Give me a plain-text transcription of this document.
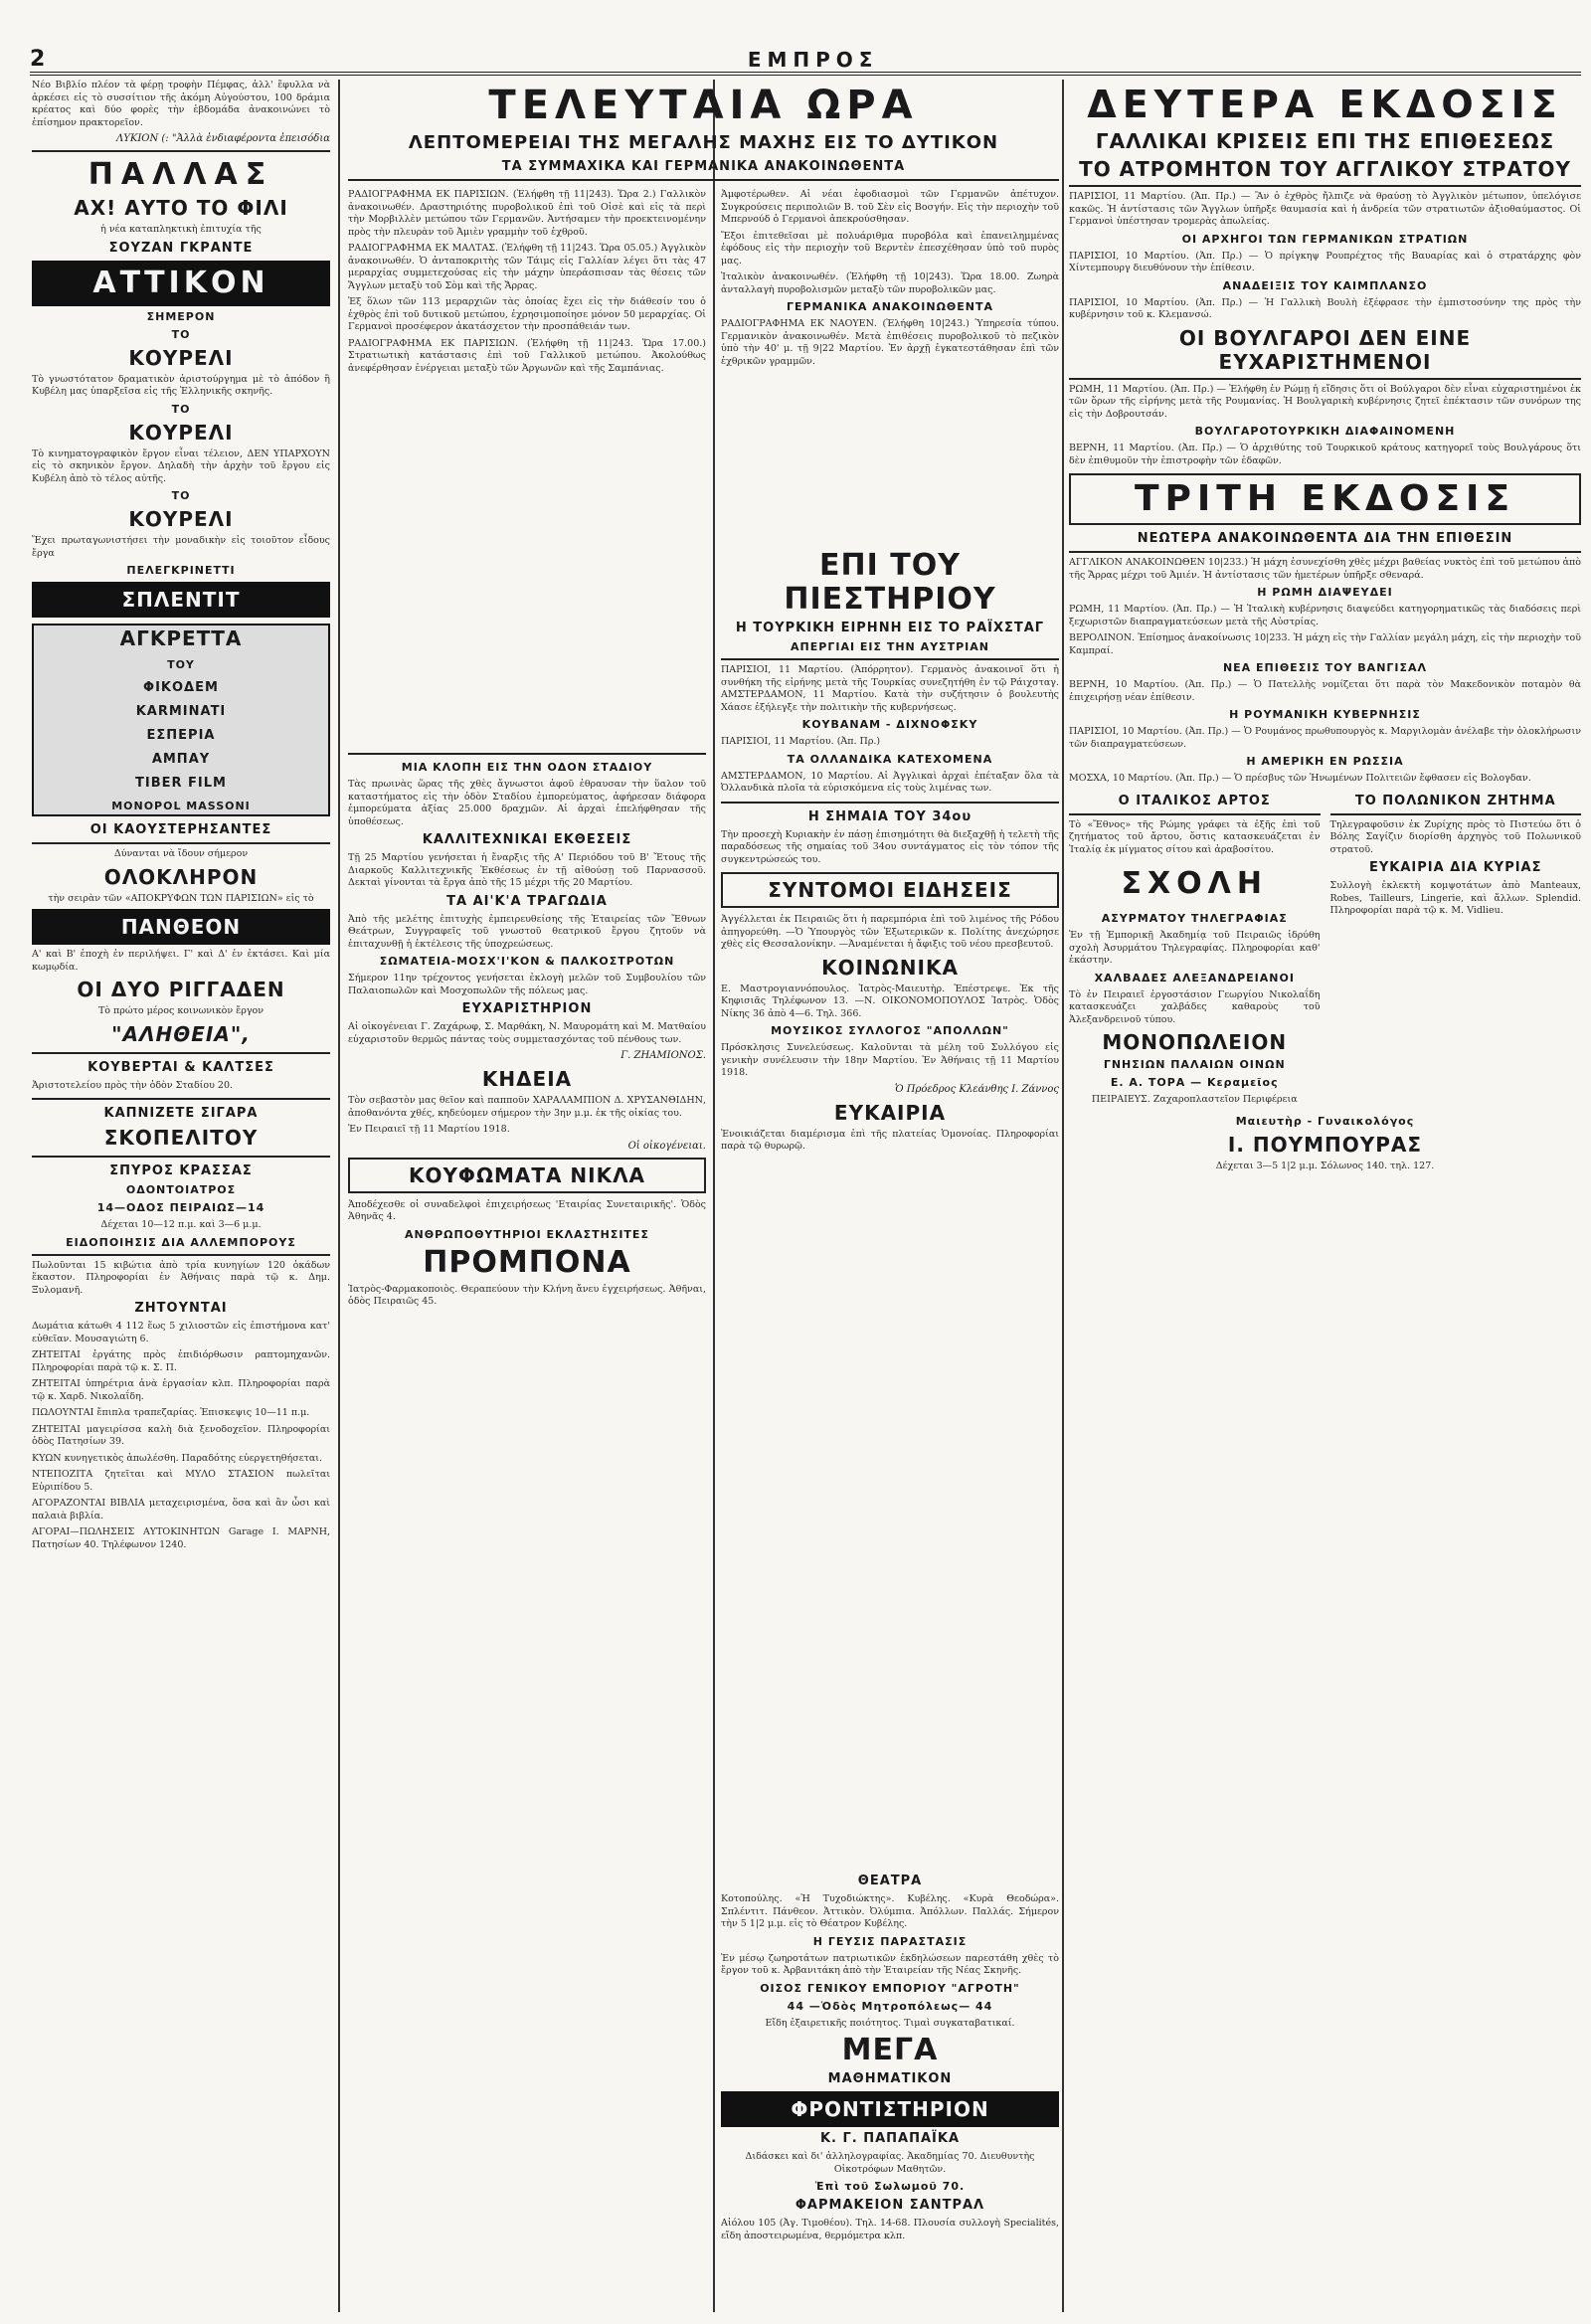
2	ΕΜΠΡΟΣ

Νέο Βιβλίο πλέον τὰ φέρῃ τροφὴν Πέμφας, ἀλλ' ἔφυλλα νὰ ἀρκέσει εἰς τὸ συσσίτιον τῆς ἀκόμη Αὐγούστου, 100 δράμια κρέατος καὶ δύο φορὲς τὴν ἑβδομάδα ἀνακοινώνει τὸ ἐπίσημον πρακτορεῖον.

ΛΥΚΙΟΝ (: "Ἀλλὰ ἐνδιαφέροντα ἐπεισόδια

ΠΑΛΛΑΣ
ΑΧ! ΑΥΤΟ ΤΟ ΦΙΛΙ

ἡ νέα καταπληκτικὴ ἐπιτυχία τῆς

ΣΟΥΖΑΝ ΓΚΡΑΝΤΕ
ΑΤΤΙΚΟΝ
ΣΗΜΕΡΟΝ
ΤΟ
ΚΟΥΡΕΛΙ

Τὸ γνωστότατον δραματικὸν ἀριστούργημα μὲ τὸ ἀπόδον ἢ Κυβέλη μας ὑπαρξεῖσα εἰς τῆς Ἑλληνικῆς σκηνῆς.

ΤΟ
ΚΟΥΡΕΛΙ

Τὸ κινηματογραφικὸν ἔργον εἶναι τέλειον, ΔΕΝ ΥΠΑΡΧΟΥΝ εἰς τὸ σκηνικὸν ἔργον. Δηλαδὴ τὴν ἀρχὴν τοῦ ἔργου εἰς Κυβέλη ἀπὸ τὸ τέλος αὐτῆς.

ΤΟ
ΚΟΥΡΕΛΙ

Ἔχει πρωταγωνιστήσει τὴν μοναδικὴν εἰς τοιοῦτον εἶδους ἔργα

ΠΕΛΕΓΚΡΙΝΕΤΤΙ
ΣΠΛΕΝΤΙΤ
ΑΓΚΡΕΤΤΑ
ΤΟΥ
ΦΙΚΟΔΕΜ
KARMINATI
ΕΣΠΕΡΙΑ
ΑΜΠΑΥ
TIBER FILM
MONOPOL MASSONI
ΟΙ ΚΑΟΥΣΤΕΡΗΣΑΝΤΕΣ

Δύνανται νὰ ἴδουν σήμερον

ΟΛΟΚΛΗΡΟΝ

τὴν σειρὰν τῶν «ΑΠΟΚΡΥΦΩΝ ΤΩΝ ΠΑΡΙΣΙΩΝ» εἰς τὸ

ΠΑΝΘΕΟΝ

Α' καὶ Β' ἐποχὴ ἐν περιλήψει. Γ' καὶ Δ' ἐν ἐκτάσει. Καὶ μία κωμῳδία.

ΟΙ ΔΥΟ ΡΙΓΓΑΔΕΝ

Τὸ πρώτο μέρος κοινωνικὸν ἔργον

"ΑΛΗΘΕΙΑ",
ΚΟΥΒΕΡΤΑΙ & ΚΑΛΤΣΕΣ

Ἀριστοτελείου πρὸς τὴν ὁδὸν Σταδίου 20.

ΚΑΠΝΙΖΕΤΕ ΣΙΓΑΡΑ
ΣΚΟΠΕΛΙΤΟΥ
ΣΠΥΡΟΣ ΚΡΑΣΣΑΣ
ΟΔΟΝΤΟΙΑΤΡΟΣ
14—ΟΔΟΣ ΠΕΙΡΑΙΩΣ—14

Δέχεται 10—12 π.μ. καὶ 3—6 μ.μ.

ΕΙΔΟΠΟΙΗΣΙΣ ΔΙΑ ΑΛΛΕΜΠΟΡΟΥΣ

Πωλοῦνται 15 κιβώτια ἀπὸ τρία κυνηγίων 120 ὀκάδων ἕκαστον. Πληροφορίαι ἐν Ἀθήναις παρὰ τῷ κ. Δημ. Ξυλομανῆ.

ΖΗΤΟΥΝΤΑΙ

Δωμάτια κάτωθι 4 112 ἕως 5 χιλιοστῶν εἰς ἐπιστήμονα κατ' εὐθεῖαν. Μουσαγιώτη 6.

ΖΗΤΕΙΤΑΙ ἐργάτης πρὸς ἐπιδιόρθωσιν ραπτομηχανῶν. Πληροφορίαι παρὰ τῷ κ. Σ. Π.

ΖΗΤΕΙΤΑΙ ὑπηρέτρια ἀνὰ ἐργασίαν κλπ. Πληροφορίαι παρὰ τῷ κ. Χαρδ. Νικολαΐδη.

ΠΩΛΟΥΝΤΑΙ ἔπιπλα τραπεζαρίας. Ἐπισκεψις 10—11 π.μ.

ΖΗΤΕΙΤΑΙ μαγειρίσσα καλὴ διὰ ξενοδοχεῖον. Πληροφορίαι ὁδὸς Πατησίων 39.

ΚΥΩΝ κυνηγετικὸς ἀπωλέσθη. Παραδότης εὐεργετηθήσεται.

ΝΤΕΠΟΖΙΤΑ ζητεῖται καὶ ΜΥΛΟ ΣΤΑΣΙΟΝ πωλεῖται Εὐριπίδου 5.

ΑΓΟΡΑΖΟΝΤΑΙ ΒΙΒΛΙΑ μεταχειρισμένα, ὅσα καὶ ἂν ὦσι καὶ παλαιὰ βιβλία.

ΑΓΟΡΑΙ—ΠΩΛΗΣΕΙΣ ΑΥΤΟΚΙΝΗΤΩΝ Garage Ι. ΜΑΡΝΗ, Πατησίων 40. Τηλέφωνον 1240.

ΤΕΛΕΥΤΑΙΑ ΩΡΑ
ΛΕΠΤΟΜΕΡΕΙΑΙ ΤΗΣ ΜΕΓΑΛΗΣ ΜΑΧΗΣ ΕΙΣ ΤΟ ΔΥΤΙΚΟΝ
ΤΑ ΣΥΜΜΑΧΙΚΑ ΚΑΙ ΓΕΡΜΑΝΙΚΑ ΑΝΑΚΟΙΝΩΘΕΝΤΑ

ΡΑΔΙΟΓΡΑΦΗΜΑ ΕΚ ΠΑΡΙΣΙΩΝ. (Ἐλήφθη τῇ 11|243). Ὥρα 2.) Γαλλικὸν ἀνακοινωθέν. Δραστηριότης πυροβολικοῦ ἐπὶ τοῦ Οἰσὲ καὶ εἰς τὰ περὶ τὴν Μορβιλλὲν μετώπου τῶν Γερμανῶν. Ἀντήσαμεν τὴν προεκτεινομένην πρὸς τὴν πλευρὰν τοῦ Ἀμιὲν γραμμὴν τοῦ ἐχθροῦ.

ΡΑΔΙΟΓΡΑΦΗΜΑ ΕΚ ΜΑΛΤΑΣ. (Ἐλήφθη τῇ 11|243. Ὥρα 05.05.) Ἀγγλικὸν ἀνακοινωθέν. Ὁ ἀνταποκριτὴς τῶν Τάιμς εἰς Γαλλίαν λέγει ὅτι τὰς 47 μεραρχίας συμμετεχούσας εἰς τὴν μάχην ὑπεράσπισαν τὰς θέσεις τῶν Ἄγγλων μεταξὺ τοῦ Σὸμ καὶ τῆς Ἄρρας.

Ἐξ ὅλων τῶν 113 μεραρχιῶν τὰς ὁποίας ἔχει εἰς τὴν διάθεσίν του ὁ ἐχθρὸς ἐπὶ τοῦ δυτικοῦ μετώπου, ἐχρησιμοποίησε μόνον 50 μεραρχίας. Οἱ Γερμανοὶ προσέφερον ἀκατάσχετον τὴν προσπάθειάν των.

ΡΑΔΙΟΓΡΑΦΗΜΑ ΕΚ ΠΑΡΙΣΙΩΝ. (Ἐλήφθη τῇ 11|243. Ὥρα 17.00.) Στρατιωτικὴ κατάστασις ἐπὶ τοῦ Γαλλικοῦ μετώπου. Ἀκολούθως ἀνεφέρθησαν ἐνέργειαι μεταξὺ τῶν Ἀργωνῶν καὶ τῆς Σαμπάνιας.

ΜΙΑ ΚΛΟΠΗ ΕΙΣ ΤΗΝ ΟΔΟΝ ΣΤΑΔΙΟΥ

Τὰς πρωινὰς ὥρας τῆς χθὲς ἄγνωστοι ἀφοῦ ἐθραυσαν τὴν ὕαλον τοῦ καταστήματος εἰς τὴν ὁδὸν Σταδίου ἐμπορεύματος, ἀφήρεσαν διάφορα ἐμπορεύματα ἀξίας 25.000 δραχμῶν. Αἱ ἀρχαὶ ἐπελήφθησαν τῆς ὑποθέσεως.

ΚΑΛΛΙΤΕΧΝΙΚΑΙ ΕΚΘΕΣΕΙΣ

Τῇ 25 Μαρτίου γενήσεται ἡ ἔναρξις τῆς Α' Περιόδου τοῦ Β' Ἔτους τῆς Διαρκοῦς Καλλιτεχνικῆς Ἐκθέσεως ἐν τῇ αἰθούσῃ τοῦ Παρνασσοῦ. Δεκταὶ γίνονται τὰ ἔργα ἀπὸ τῆς 15 μέχρι τῆς 20 Μαρτίου.

ΤΑ ΑΙ'Κ'Α ΤΡΑΓΩΔΙΑ

Ἀπὸ τῆς μελέτης ἐπιτυχὴς ἐμπειρευθείσης τῆς Ἑταιρείας τῶν Ἔθνων Θεάτρων, Συγγραφεῖς τοῦ γνωστοῦ θεατρικοῦ ἔργου ζητοῦν νὰ ἐπιταχυνθῇ ἡ ἐκτέλεσις τῆς ὑποχρεώσεως.

ΣΩΜΑΤΕΙΑ-ΜΟΣΧ'Ι'ΚΟΝ & ΠΑΛΚΟΣΤΡΟΤΩΝ

Σήμερον 11ην τρέχοντος γενήσεται ἐκλογὴ μελῶν τοῦ Συμβουλίου τῶν Παλαιοπωλῶν καὶ Μοσχοπωλῶν τῆς πόλεως μας.

ΕΥΧΑΡΙΣΤΗΡΙΟΝ

Αἱ οἰκογένειαι Γ. Ζαχάρωφ, Σ. Μαρθάκη, Ν. Μαυρομάτη καὶ Μ. Ματθαίου εὐχαριστοῦν θερμῶς πάντας τοὺς συμμετασχόντας τοῦ πένθους των.

Γ. ΖΗΑΜΙΟΝΟΣ.

ΚΗΔΕΙΑ

Τὸν σεβαστὸν μας θεῖον καὶ παπποῦν ΧΑΡΑΛΑΜΠΙΟΝ Δ. ΧΡΥΣΑΝΘΙΔΗΝ, ἀποθανόντα χθές, κηδεύομεν σήμερον τὴν 3ην μ.μ. ἐκ τῆς οἰκίας του.

Ἐν Πειραιεῖ τῇ 11 Μαρτίου 1918.

Οἱ οἰκογένειαι.

ΚΟΥΦΩΜΑΤΑ ΝΙΚΛΑ

Ἀποδέχεσθε οἱ συναδελφοὶ ἐπιχειρήσεως 'Εταιρίας Συνεταιρικῆς'. Ὁδὸς Ἀθηνᾶς 4.

ΑΝΘΡΩΠΟΘΥΤΗΡΙΟΙ ΕΚΛΑΣΤΗΣΙΤΕΣ
ΠΡΟΜΠΟΝΑ

Ἰατρὸς-Φαρμακοποιὸς. Θεραπεύουν τὴν Κλήνη ἄνευ ἐγχειρήσεως. Ἀθῆναι, ὁδὸς Πειραιῶς 45.

Ἀμφοτέρωθεν. Αἱ νέαι ἐφοδιασμοὶ τῶν Γερμανῶν ἀπέτυχον. Συγκρούσεις περιπολιῶν Β. τοῦ Σὲν εἰς Βοσγήν. Εἰς τὴν περιοχὴν τοῦ Μπερνούδ ὁ Γερμανοὶ ἀπεκρούσθησαν.

Ἔξοι ἐπιτεθεῖσαι μὲ πολυάριθμα πυροβόλα καὶ ἐπανειλημμένας ἐφόδους εἰς τὴν περιοχὴν τοῦ Βερντὲν ἐπεσχέθησαν ὑπὸ τοῦ πυρὸς μας.

Ἰταλικὸν ἀνακοινωθέν. (Ἐλήφθη τῇ 10|243). Ὥρα 18.00. Ζωηρὰ ἀνταλλαγὴ πυροβολισμῶν μεταξὺ τῶν πυροβολικῶν μας.

ΓΕΡΜΑΝΙΚΑ ΑΝΑΚΟΙΝΩΘΕΝΤΑ

ΡΑΔΙΟΓΡΑΦΗΜΑ ΕΚ ΝΑΟΥΕΝ. (Ἐλήφθη 10|243.) Ὑπηρεσία τύπου. Γερμανικὸν ἀνακοινωθέν. Μετὰ ἐπιθέσεις πυροβολικοῦ τὸ πεζικὸν ὑπὸ τὴν 40' μ. τῇ 9|22 Μαρτίου. Ἐν ἀρχῇ ἐγκατεστάθησαν ἐπὶ τῶν ἐχθρικῶν γραμμῶν.

ΕΠΙ ΤΟΥ ΠΙΕΣΤΗΡΙΟΥ
Η ΤΟΥΡΚΙΚΗ ΕΙΡΗΝΗ ΕΙΣ ΤΟ ΡΑΪΧΣΤΑΓ
ΑΠΕΡΓΙΑΙ ΕΙΣ ΤΗΝ ΑΥΣΤΡΙΑΝ

ΠΑΡΙΣΙΟΙ, 11 Μαρτίου. (Ἀπόρρητον). Γερμανὸς ἀνακοινοῖ ὅτι ἡ συνθήκη τῆς εἰρήνης μετὰ τῆς Τουρκίας συνεζητήθη ἐν τῷ Ράιχσταγ. ΑΜΣΤΕΡΔΑΜΟΝ, 11 Μαρτίου. Κατὰ τὴν συζήτησιν ὁ βουλευτὴς Χάασε ἐξήλεγξε τὴν πολιτικὴν τῆς κυβερνήσεως.

ΚΟΥΒΑΝΑΜ - ΔΙΧΝΟΦΣΚΥ

ΠΑΡΙΣΙΟΙ, 11 Μαρτίου. (Ἀπ. Πρ.)

ΤΑ ΟΛΛΑΝΔΙΚΑ ΚΑΤΕΧΟΜΕΝΑ

ΑΜΣΤΕΡΔΑΜΟΝ, 10 Μαρτίου. Αἱ Ἀγγλικαὶ ἀρχαὶ ἐπέταξαν ὅλα τὰ Ὀλλανδικὰ πλοῖα τὰ εὑρισκόμενα εἰς τοὺς λιμένας των.

Η ΣΗΜΑΙΑ ΤΟΥ 34ου

Τὴν προσεχὴ Κυριακὴν ἐν πάσῃ ἐπισημότητι θὰ διεξαχθῇ ἡ τελετὴ τῆς παραδόσεως τῆς σημαίας τοῦ 34ου συντάγματος εἰς τὸν τόπον τῆς συγκεντρώσεώς του.

ΣΥΝΤΟΜΟΙ ΕΙΔΗΣΕΙΣ

Ἀγγέλλεται ἐκ Πειραιῶς ὅτι ἡ παρεμπόρια ἐπὶ τοῦ λιμένος τῆς Ρόδου ἀπηγορεύθη. —Ὁ Ὑπουργὸς τῶν Ἐξωτερικῶν κ. Πολίτης ἀνεχώρησε χθὲς εἰς Θεσσαλονίκην. —Ἀναμένεται ἡ ἄφιξις τοῦ νέου πρεσβευτοῦ.

ΚΟΙΝΩΝΙΚΑ

Ε. Μαστρογιαννόπουλος. Ἰατρὸς-Μαιευτὴρ. Ἐπέστρεψε. Ἐκ τῆς Κηφισιᾶς Τηλέφωνον 13. —Ν. ΟΙΚΟΝΟΜΟΠΟΥΛΟΣ Ἰατρὸς. Ὁδὸς Νίκης 36 ἀπὸ 4—6. Τηλ. 366.

ΜΟΥΣΙΚΟΣ ΣΥΛΛΟΓΟΣ "ΑΠΟΛΛΩΝ"

Πρόσκλησις Συνελεύσεως. Καλοῦνται τὰ μέλη τοῦ Συλλόγου εἰς γενικὴν συνέλευσιν τὴν 18ην Μαρτίου. Ἐν Ἀθήναις τῇ 11 Μαρτίου 1918.

Ὁ Πρόεδρος Κλεάνθης Ι. Ζάννος

ΕΥΚΑΙΡΙΑ

Ἐνοικιάζεται διαμέρισμα ἐπὶ τῆς πλατείας Ὁμονοίας. Πληροφορίαι παρὰ τῷ θυρωρῷ.

ΔΕΥΤΕΡΑ ΕΚΔΟΣΙΣ
ΓΑΛΛΙΚΑΙ ΚΡΙΣΕΙΣ ΕΠΙ ΤΗΣ ΕΠΙΘΕΣΕΩΣ
ΤΟ ΑΤΡΟΜΗΤΟΝ ΤΟΥ ΑΓΓΛΙΚΟΥ ΣΤΡΑΤΟΥ

ΠΑΡΙΣΙΟΙ, 11 Μαρτίου. (Ἀπ. Πρ.) — Ἂν ὁ ἐχθρὸς ἤλπιζε νὰ θραύσῃ τὸ Ἀγγλικὸν μέτωπον, ὑπελόγισε κακῶς. Ἡ ἀντίστασις τῶν Ἄγγλων ὑπῆρξε θαυμασία καὶ ἡ ἀνδρεία τῶν στρατιωτῶν ἀξιοθαύμαστος. Οἱ Γερμανοὶ ὑπέστησαν τρομερὰς ἀπωλείας.

ΟΙ ΑΡΧΗΓΟΙ ΤΩΝ ΓΕΡΜΑΝΙΚΩΝ ΣΤΡΑΤΙΩΝ

ΠΑΡΙΣΙΟΙ, 10 Μαρτίου. (Ἀπ. Πρ.) — Ὁ πρίγκηψ Ρουπρέχτος τῆς Βαυαρίας καὶ ὁ στρατάρχης φὸν Χίντεμπουργ διευθύνουν τὴν ἐπίθεσιν.

ΑΝΑΔΕΙΞΙΣ ΤΟΥ ΚΑΙΜΠΛΑΝΣΟ

ΠΑΡΙΣΙΟΙ, 10 Μαρτίου. (Ἀπ. Πρ.) — Ἡ Γαλλικὴ Βουλὴ ἐξέφρασε τὴν ἐμπιστοσύνην της πρὸς τὴν κυβέρνησιν τοῦ κ. Κλεμανσώ.

ΟΙ ΒΟΥΛΓΑΡΟΙ ΔΕΝ ΕΙΝΕ ΕΥΧΑΡΙΣΤΗΜΕΝΟΙ

ΡΩΜΗ, 11 Μαρτίου. (Ἀπ. Πρ.) — Ἐλήφθη ἐν Ρώμῃ ἡ εἴδησις ὅτι οἱ Βούλγαροι δὲν εἶναι εὐχαριστημένοι ἐκ τῶν ὅρων τῆς εἰρήνης μετὰ τῆς Ρουμανίας. Ἡ Βουλγαρικὴ κυβέρνησις ζητεῖ ἐπέκτασιν τῶν συνόρων της εἰς τὴν Δοβρουτσάν.

ΒΟΥΛΓΑΡΟΤΟΥΡΚΙΚΗ ΔΙΑΦΑΙΝΟΜΕΝΗ

ΒΕΡΝΗ, 11 Μαρτίου. (Ἀπ. Πρ.) — Ὁ ἀρχιθύτης τοῦ Τουρκικοῦ κράτους κατηγορεῖ τοὺς Βουλγάρους ὅτι δὲν ἐπιθυμοῦν τὴν ἐπιστροφὴν τῶν ἐδαφῶν.

ΤΡΙΤΗ ΕΚΔΟΣΙΣ
ΝΕΩΤΕΡΑ ΑΝΑΚΟΙΝΩΘΕΝΤΑ ΔΙΑ ΤΗΝ ΕΠΙΘΕΣΙΝ

ΑΓΓΛΙΚΟΝ ΑΝΑΚΟΙΝΩΘΕΝ 10|233.) Ἡ μάχη ἐσυνεχίσθη χθὲς μέχρι βαθείας νυκτὸς ἐπὶ τοῦ μετώπου ἀπὸ τῆς Ἄρρας μέχρι τοῦ Ἀμιέν. Ἡ ἀντίστασις τῶν ἡμετέρων ὑπῆρξε σθεναρά.

Η ΡΩΜΗ ΔΙΑΨΕΥΔΕΙ

ΡΩΜΗ, 11 Μαρτίου. (Ἀπ. Πρ.) — Ἡ Ἰταλικὴ κυβέρνησις διαψεύδει κατηγορηματικῶς τὰς διαδόσεις περὶ ξεχωριστῶν διαπραγματεύσεων μετὰ τῆς Αὐστρίας.

ΒΕΡΟΛΙΝΟΝ. Ἐπίσημος ἀνακοίνωσις 10|233. Ἡ μάχη εἰς τὴν Γαλλίαν μεγάλη μάχη, εἰς τὴν περιοχὴν τοῦ Καμπραί.

ΝΕΑ ΕΠΙΘΕΣΙΣ ΤΟΥ ΒΑΝΓΙΣΑΛ

ΒΕΡΝΗ, 10 Μαρτίου. (Ἀπ. Πρ.) — Ὁ Πατελλὴς νομίζεται ὅτι παρὰ τὸν Μακεδονικὸν ποταμὸν θὰ ἐπιχειρήσῃ νέαν ἐπίθεσιν.

Η ΡΟΥΜΑΝΙΚΗ ΚΥΒΕΡΝΗΣΙΣ

ΠΑΡΙΣΙΟΙ, 10 Μαρτίου. (Ἀπ. Πρ.) — Ὁ Ρουμάνος πρωθυπουργὸς κ. Μαργιλομὰν ἀνέλαβε τὴν ὁλοκλήρωσιν τῶν διαπραγματεύσεων.

Η ΑΜΕΡΙΚΗ ΕΝ ΡΩΣΣΙΑ

ΜΟΣΧΑ, 10 Μαρτίου. (Ἀπ. Πρ.) — Ὁ πρέσβυς τῶν Ἡνωμένων Πολιτειῶν ἔφθασεν εἰς Βολογδαν.

Ο ΙΤΑΛΙΚΟΣ ΑΡΤΟΣ

Τὸ «Ἔθνος» τῆς Ρώμης γράφει τὰ ἑξῆς ἐπὶ τοῦ ζητήματος τοῦ ἄρτου, ὅστις κατασκευάζεται ἐν Ἰταλίᾳ ἐκ μίγματος σίτου καὶ ἀραβοσίτου.

ΣΧΟΛΗ
ΑΣΥΡΜΑΤΟΥ ΤΗΛΕΓΡΑΦΙΑΣ

Ἐν τῇ Ἐμπορικῇ Ἀκαδημίᾳ τοῦ Πειραιῶς ἱδρύθη σχολὴ Ἀσυρμάτου Τηλεγραφίας. Πληροφορίαι καθ' ἑκάστην.

ΧΑΛΒΑΔΕΣ ΑΛΕΞΑΝΔΡΕΙΑΝΟΙ

Τὸ ἐν Πειραιεῖ ἐργοστάσιον Γεωργίου Νικολαΐδη κατασκευάζει χαλβάδες καθαροὺς τοῦ Ἀλεξανδρεινοῦ τύπου.

ΜΟΝΟΠΩΛΕΙΟΝ
ΓΝΗΣΙΩΝ ΠΑΛΑΙΩΝ ΟΙΝΩΝ
Ε. Α. ΤΟΡΑ — Κεραμεῖος

ΠΕΙΡΑΙΕΥΣ. Ζαχαροπλαστεῖον Περιφέρεια

ΤΟ ΠΟΛΩΝΙΚΟΝ ΖΗΤΗΜΑ

Τηλεγραφοῦσιν ἐκ Ζυρίχης πρὸς τὸ Πιστεύω ὅτι ὁ Βόλης Σαγίζιν διορίσθη ἀρχηγὸς τοῦ Πολωνικοῦ στρατοῦ.

ΕΥΚΑΙΡΙΑ ΔΙΑ ΚΥΡΙΑΣ

Συλλογὴ ἐκλεκτὴ κομψοτάτων ἀπὸ Manteaux, Robes, Tailleurs, Lingerie, καὶ ἄλλων. Splendid. Πληροφορίαι παρὰ τῷ κ. Μ. Vidlieu.

Μαιευτὴρ - Γυναικολόγος
Ι. ΠΟΥΜΠΟΥΡΑΣ

Δέχεται 3—5 1|2 μ.μ. Σόλωνος 140. τηλ. 127.

ΘΕΑΤΡΑ

Κοτοπούλης. «Ἡ Τυχοδιώκτης». Κυβέλης. «Κυρὰ Θεοδώρα». Σπλέντιτ. Πάνθεον. Ἀττικὸν. Ὀλύμπια. Ἀπόλλων. Παλλάς. Σήμερον τὴν 5 1|2 μ.μ. εἰς τὸ Θέατρον Κυβέλης.

Η ΓΕΥΣΙΣ ΠΑΡΑΣΤΑΣΙΣ

Ἐν μέσῳ ζωηροτάτων πατριωτικῶν ἐκδηλώσεων παρεστάθη χθὲς τὸ ἔργον τοῦ κ. Ἀρβανιτάκη ἀπὸ τὴν Ἑταιρείαν τῆς Νέας Σκηνῆς.

ΟΙΣΟΣ ΓΕΝΙΚΟΥ ΕΜΠΟΡΙΟΥ "ΑΓΡΟΤΗ"
44 —Ὁδὸς Μητροπόλεως— 44

Εἴδη ἐξαιρετικῆς ποιότητος. Τιμαὶ συγκαταβατικαί.

ΜΕΓΑ
ΜΑΘΗΜΑΤΙΚΟΝ
ΦΡΟΝΤΙΣΤΗΡΙΟΝ
Κ. Γ. ΠΑΠΑΠΑΪΚΑ

Διδάσκει καὶ δι' ἀλληλογραφίας. Ἀκαδημίας 70. Διευθυντὴς Οἰκοτρόφων Μαθητῶν.

Ἐπὶ τοῦ Σωλωμοῦ 70.
ΦΑΡΜΑΚΕΙΟΝ ΣΑΝΤΡΑΛ

Αἰόλου 105 (Ἀγ. Τιμοθέου). Τηλ. 14-68. Πλουσία συλλογὴ Specialités, εἴδη ἀποστειρωμένα, θερμόμετρα κλπ.
